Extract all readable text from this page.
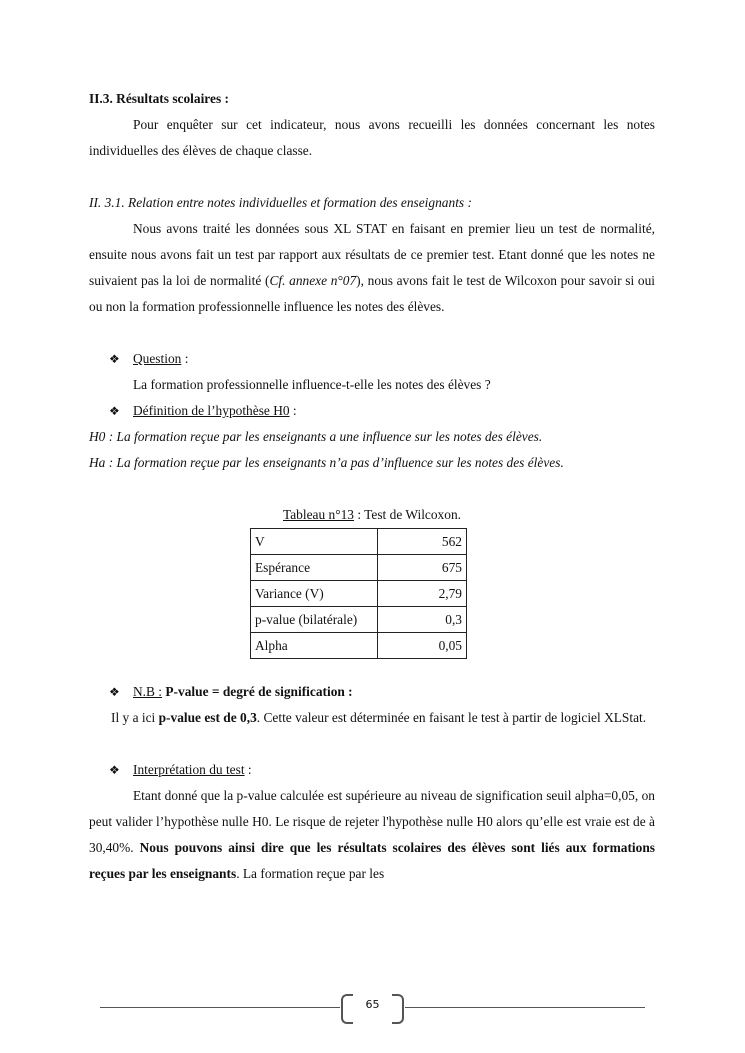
II.3. Résultats scolaires :

Pour enquêter sur cet indicateur, nous avons recueilli les données concernant les notes individuelles des élèves de chaque classe.

II. 3.1. Relation entre notes individuelles et formation des enseignants :

Nous avons traité les données sous XL STAT en faisant en premier lieu un test de normalité, ensuite nous avons fait un test par rapport aux résultats de ce premier test. Etant donné que les notes ne suivaient pas la loi de normalité (Cf. annexe n°07), nous avons fait le test de Wilcoxon pour savoir si oui ou non la formation professionnelle influence les notes des élèves.

❖ Question :

La formation professionnelle influence-t-elle les notes des élèves ?

❖ Définition de l’hypothèse H0 :

H0 : La formation reçue par les enseignants a une influence sur les notes des élèves.

Ha : La formation reçue par les enseignants n’a pas d’influence sur les notes des élèves.

Tableau n°13 : Test de Wilcoxon.

V	562
Espérance	675
Variance (V)	2,79
p-value (bilatérale)	0,3
Alpha	0,05

❖ N.B : P-value = degré de signification :

Il y a ici p-value est de 0,3. Cette valeur est déterminée en faisant le test à partir de logiciel XLStat.

❖ Interprétation du test :

Etant donné que la p-value calculée est supérieure au niveau de signification seuil alpha=0,05, on peut valider l’hypothèse nulle H0. Le risque de rejeter l'hypothèse nulle H0 alors qu’elle est vraie est de à 30,40%. Nous pouvons ainsi dire que les résultats scolaires des élèves sont liés aux formations reçues par les enseignants. La formation reçue par les

65
